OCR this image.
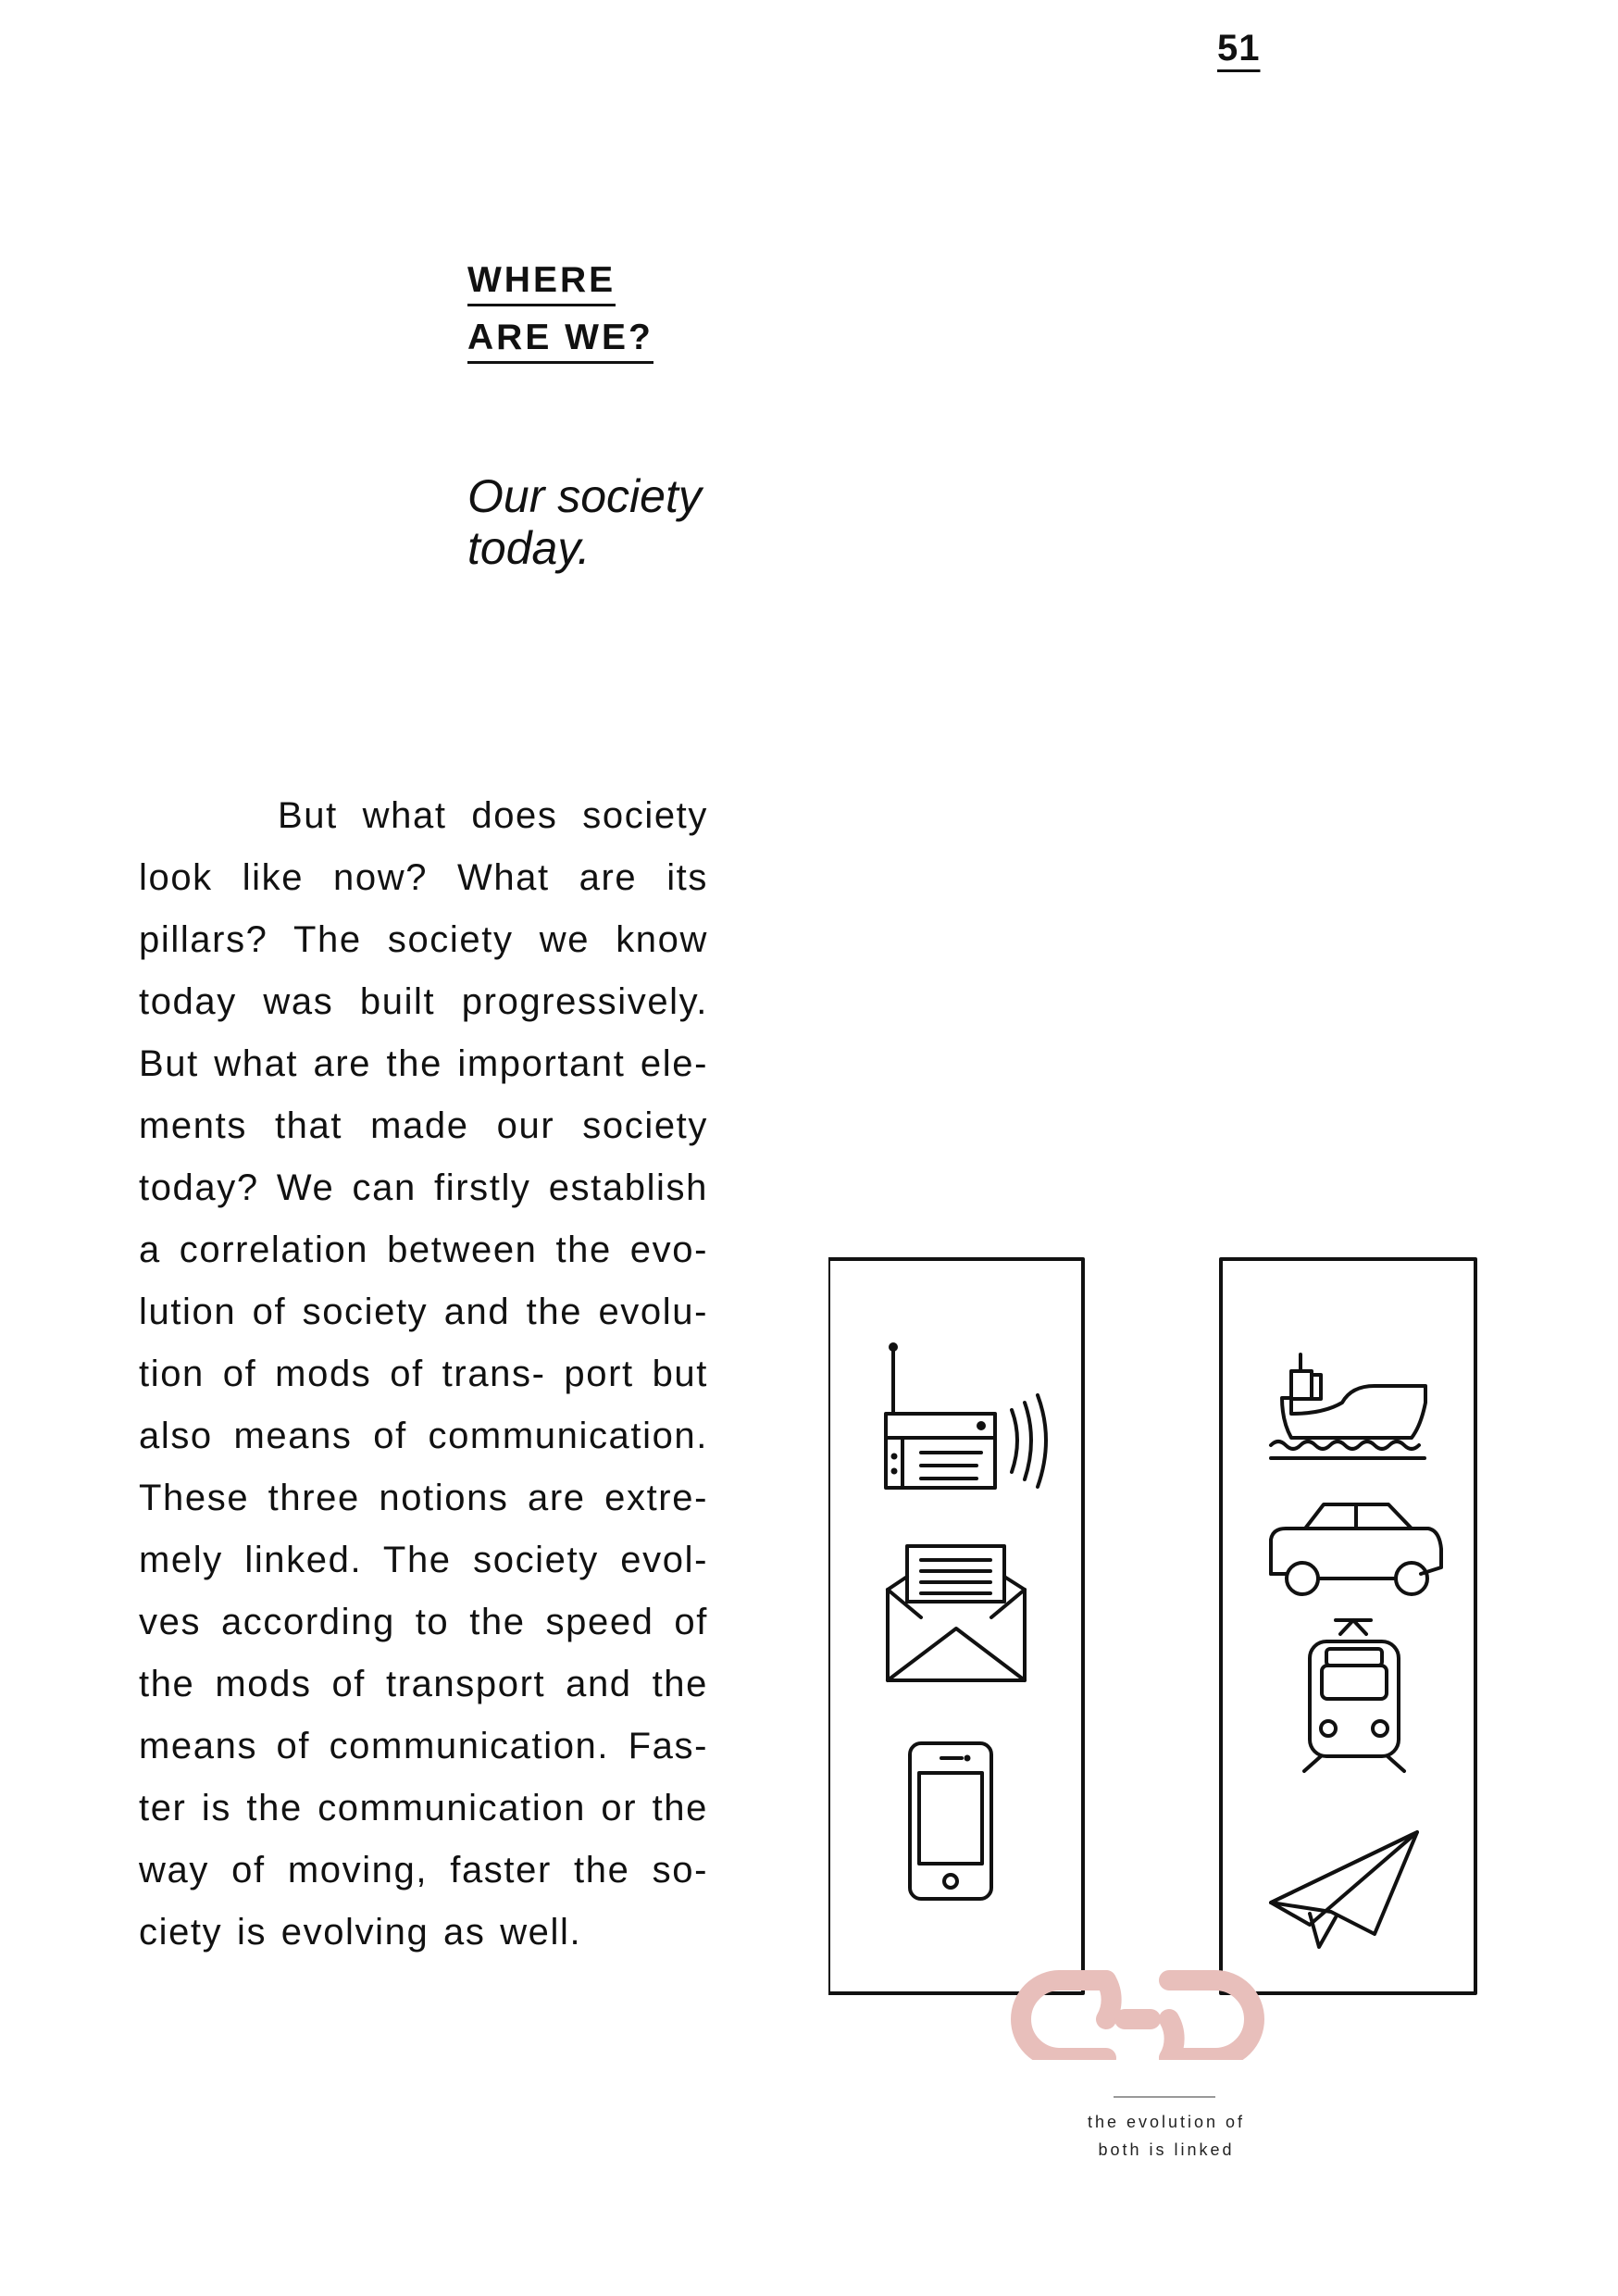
51
WHERE
ARE WE?
Our society
today.

But what does society look like now? What are its pillars? The society we know today was built progressively. But what are the important ele-ments that made our society today? We can firstly establish a correlation between the evo-lution of society and the evolu-tion of mods of trans- port but also means of communication. These three notions are extre-mely linked. The society evol-ves according to the speed of the mods of transport and the means of communication. Fas-ter is the communication or the way of moving, faster the so-ciety is evolving as well.

the evolution of
both is linked
